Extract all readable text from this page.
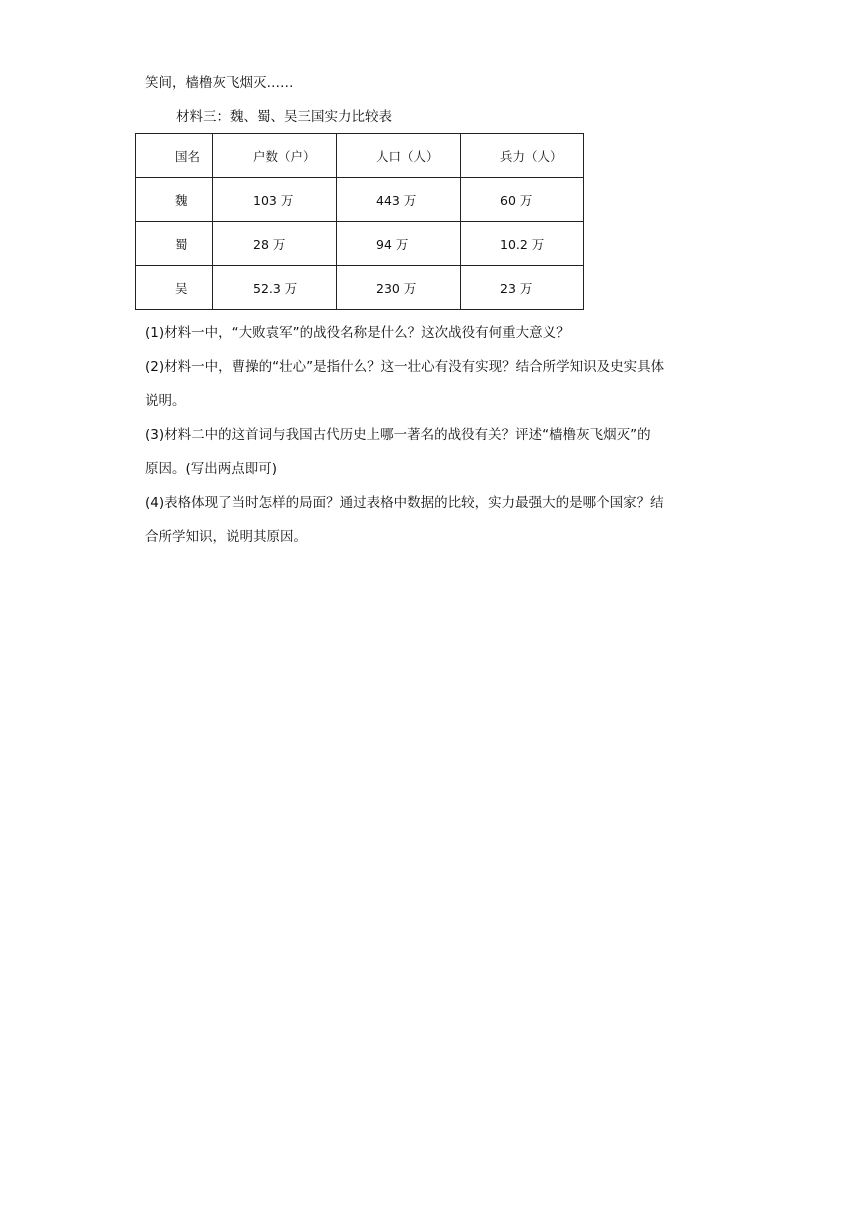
笑间，樯橹灰飞烟灭……
材料三：魏、蜀、吴三国实力比较表
国名	户数（户）	人口（人）	兵力（人）
魏	103 万	443 万	60 万
蜀	28 万	94 万	10.2 万
吴	52.3 万	230 万	23 万
(1)材料一中，“大败袁军”的战役名称是什么？这次战役有何重大意义？
(2)材料一中，曹操的“壮心”是指什么？这一壮心有没有实现？结合所学知识及史实具体
说明。
(3)材料二中的这首词与我国古代历史上哪一著名的战役有关？评述“樯橹灰飞烟灭”的
原因。(写出两点即可)
(4)表格体现了当时怎样的局面？通过表格中数据的比较，实力最强大的是哪个国家？结
合所学知识，说明其原因。
